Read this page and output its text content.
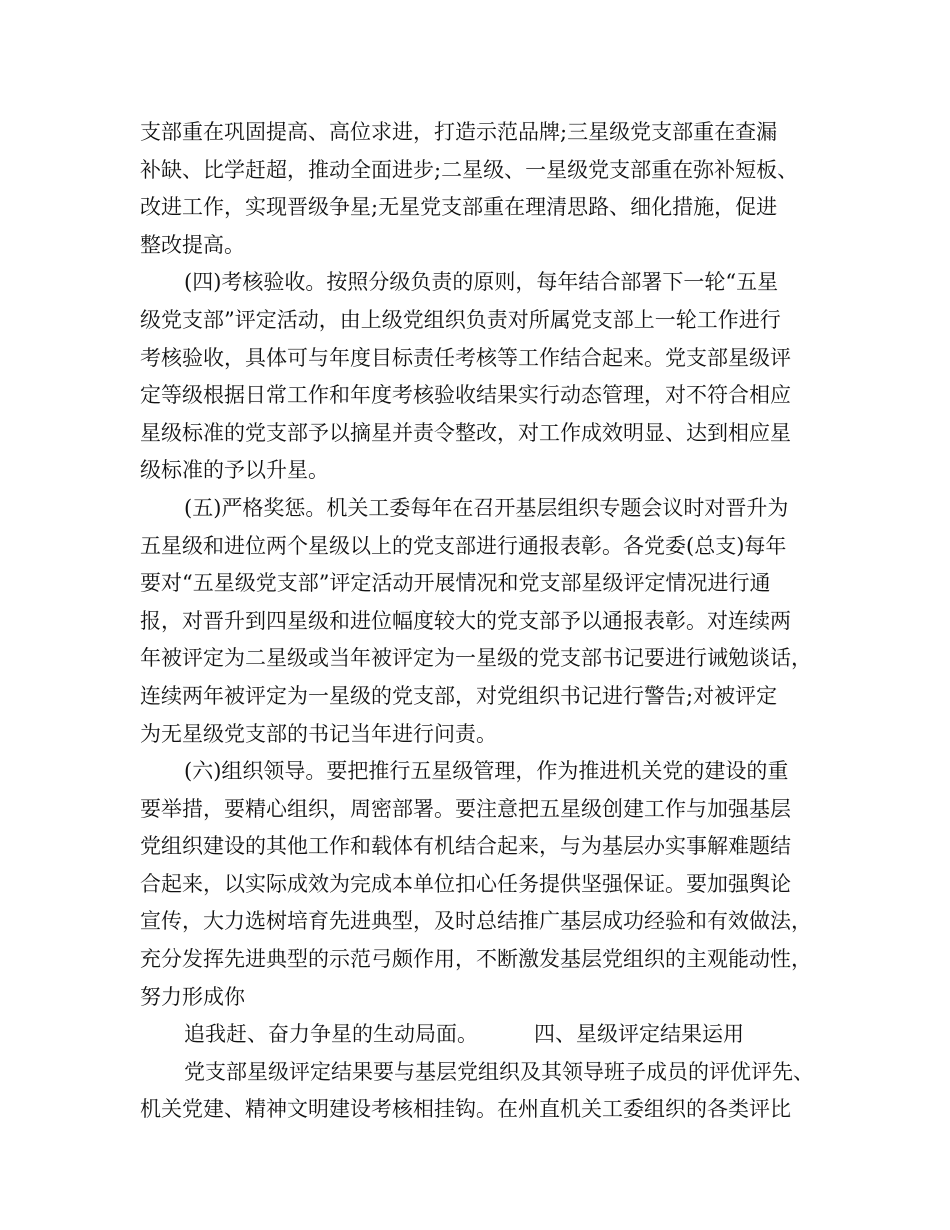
支部重在巩固提高、高位求进，打造示范品牌;三星级党支部重在查漏
补缺、比学赶超，推动全面进步;二星级、一星级党支部重在弥补短板、
改进工作，实现晋级争星;无星党支部重在理清思路、细化措施，促进
整改提高。
(四)考核验收。按照分级负责的原则，每年结合部署下一轮“五星
级党支部”评定活动，由上级党组织负责对所属党支部上一轮工作进行
考核验收，具体可与年度目标责任考核等工作结合起来。党支部星级评
定等级根据日常工作和年度考核验收结果实行动态管理，对不符合相应
星级标准的党支部予以摘星并责令整改，对工作成效明显、达到相应星
级标准的予以升星。
(五)严格奖惩。机关工委每年在召开基层组织专题会议时对晋升为
五星级和进位两个星级以上的党支部进行通报表彰。各党委(总支)每年
要对“五星级党支部”评定活动开展情况和党支部星级评定情况进行通
报，对晋升到四星级和进位幅度较大的党支部予以通报表彰。对连续两
年被评定为二星级或当年被评定为一星级的党支部书记要进行诫勉谈话，
连续两年被评定为一星级的党支部，对党组织书记进行警告;对被评定
为无星级党支部的书记当年进行问责。
(六)组织领导。要把推行五星级管理，作为推进机关党的建设的重
要举措，要精心组织，周密部署。要注意把五星级创建工作与加强基层
党组织建设的其他工作和载体有机结合起来，与为基层办实事解难题结
合起来，以实际成效为完成本单位扣心任务提供坚强保证。要加强舆论
宣传，大力选树培育先进典型，及时总结推广基层成功经验和有效做法，
充分发挥先进典型的示范弓颇作用，不断激发基层党组织的主观能动性，
努力形成你
追我赶、奋力争星的生动局面。	四、星级评定结果运用
党支部星级评定结果要与基层党组织及其领导班子成员的评优评先、
机关党建、精神文明建设考核相挂钩。在州直机关工委组织的各类评比
